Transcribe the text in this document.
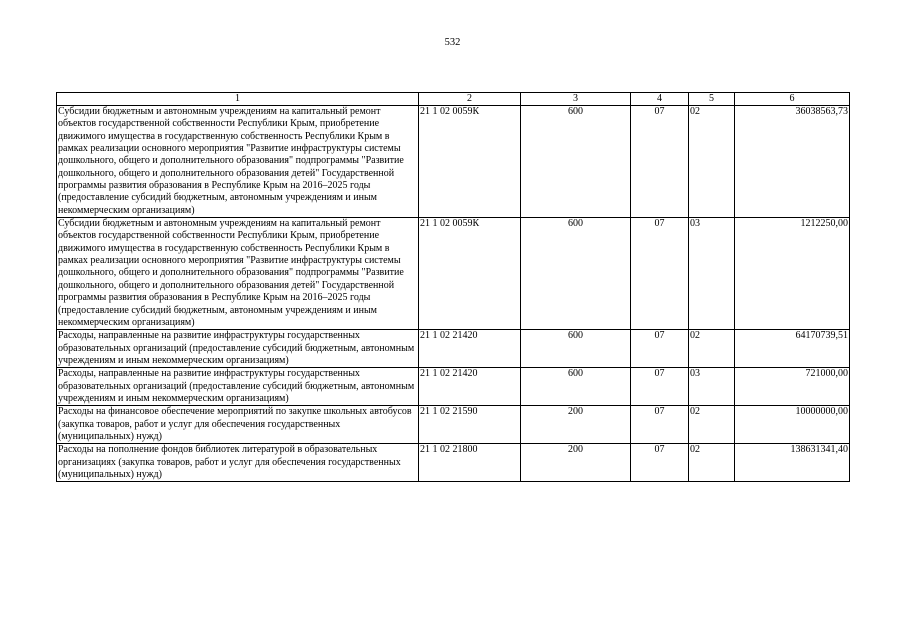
532
1	2	3	4	5	6
Субсидии бюджетным и автономным учреждениям на капитальный ремонт объектов государственной собственности Республики Крым, приобретение движимого имущества в государственную собственность Республики Крым в рамках реализации основного мероприятия "Развитие инфраструктуры системы дошкольного, общего и дополнительного образования" подпрограммы "Развитие дошкольного, общего и дополнительного образования детей" Государственной программы развития образования в Республике Крым на 2016–2025 годы (предоставление субсидий бюджетным, автономным учреждениям и иным некоммерческим организациям)	21 1 02 0059К	600	07	02	36038563,73
Субсидии бюджетным и автономным учреждениям на капитальный ремонт объектов государственной собственности Республики Крым, приобретение движимого имущества в государственную собственность Республики Крым в рамках реализации основного мероприятия "Развитие инфраструктуры системы дошкольного, общего и дополнительного образования" подпрограммы "Развитие дошкольного, общего и дополнительного образования детей" Государственной программы развития образования в Республике Крым на 2016–2025 годы (предоставление субсидий бюджетным, автономным учреждениям и иным некоммерческим организациям)	21 1 02 0059К	600	07	03	1212250,00
Расходы, направленные на развитие инфраструктуры государственных образовательных организаций (предоставление субсидий бюджетным, автономным учреждениям и иным некоммерческим организациям)	21 1 02 21420	600	07	02	64170739,51
Расходы, направленные на развитие инфраструктуры государственных образовательных организаций (предоставление субсидий бюджетным, автономным учреждениям и иным некоммерческим организациям)	21 1 02 21420	600	07	03	721000,00
Расходы на финансовое обеспечение мероприятий по закупке школьных автобусов (закупка товаров, работ и услуг для обеспечения государственных (муниципальных) нужд)	21 1 02 21590	200	07	02	10000000,00
Расходы на пополнение фондов библиотек литературой в образовательных организациях (закупка товаров, работ и услуг для обеспечения государственных (муниципальных) нужд)	21 1 02 21800	200	07	02	138631341,40
